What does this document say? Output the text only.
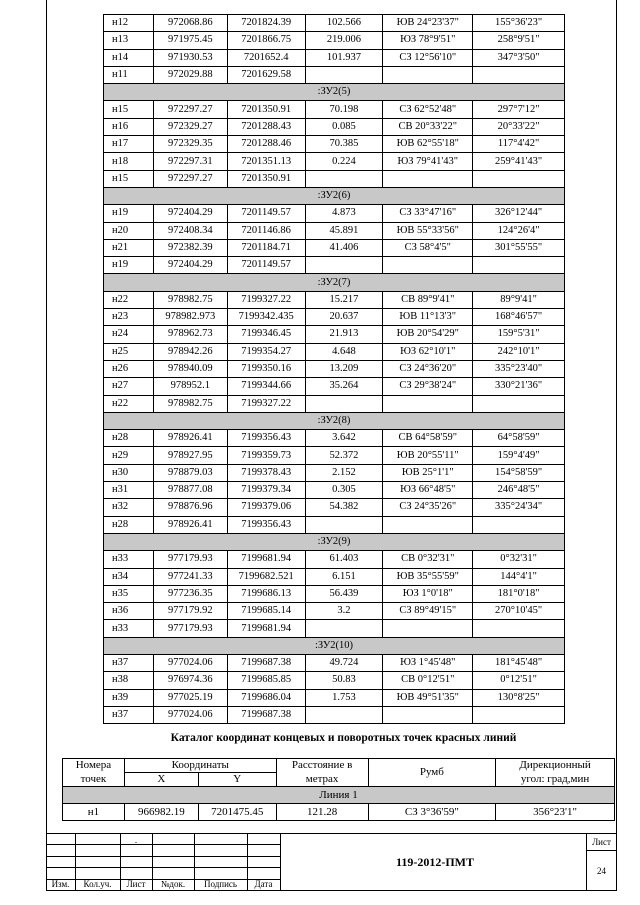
н12	972068.86	7201824.39	102.566	ЮВ 24°23'37"	155°36'23"
н13	971975.45	7201866.75	219.006	ЮЗ 78°9'51"	258°9'51"
н14	971930.53	7201652.4	101.937	СЗ 12°56'10"	347°3'50"
н11	972029.88	7201629.58			
:ЗУ2(5)					
н15	972297.27	7201350.91	70.198	СЗ 62°52'48"	297°7'12"
н16	972329.27	7201288.43	0.085	СВ 20°33'22"	20°33'22"
н17	972329.35	7201288.46	70.385	ЮВ 62°55'18"	117°4'42"
н18	972297.31	7201351.13	0.224	ЮЗ 79°41'43"	259°41'43"
н15	972297.27	7201350.91			
:ЗУ2(6)					
н19	972404.29	7201149.57	4.873	СЗ 33°47'16"	326°12'44"
н20	972408.34	7201146.86	45.891	ЮВ 55°33'56"	124°26'4"
н21	972382.39	7201184.71	41.406	СЗ 58°4'5"	301°55'55"
н19	972404.29	7201149.57			
:ЗУ2(7)					
н22	978982.75	7199327.22	15.217	СВ 89°9'41"	89°9'41"
н23	978982.973	7199342.435	20.637	ЮВ 11°13'3"	168°46'57"
н24	978962.73	7199346.45	21.913	ЮВ 20°54'29"	159°5'31"
н25	978942.26	7199354.27	4.648	ЮЗ 62°10'1"	242°10'1"
н26	978940.09	7199350.16	13.209	СЗ 24°36'20"	335°23'40"
н27	978952.1	7199344.66	35.264	СЗ 29°38'24"	330°21'36"
н22	978982.75	7199327.22			
:ЗУ2(8)					
н28	978926.41	7199356.43	3.642	СВ 64°58'59"	64°58'59"
н29	978927.95	7199359.73	52.372	ЮВ 20°55'11"	159°4'49"
н30	978879.03	7199378.43	2.152	ЮВ 25°1'1"	154°58'59"
н31	978877.08	7199379.34	0.305	ЮЗ 66°48'5"	246°48'5"
н32	978876.96	7199379.06	54.382	СЗ 24°35'26"	335°24'34"
н28	978926.41	7199356.43			
:ЗУ2(9)					
н33	977179.93	7199681.94	61.403	СВ 0°32'31"	0°32'31"
н34	977241.33	7199682.521	6.151	ЮВ 35°55'59"	144°4'1"
н35	977236.35	7199686.13	56.439	ЮЗ 1°0'18"	181°0'18"
н36	977179.92	7199685.14	3.2	СЗ 89°49'15"	270°10'45"
н33	977179.93	7199681.94			
:ЗУ2(10)					
н37	977024.06	7199687.38	49.724	ЮЗ 1°45'48"	181°45'48"
н38	976974.36	7199685.85	50.83	СВ 0°12'51"	0°12'51"
н39	977025.19	7199686.04	1.753	ЮВ 49°51'35"	130°8'25"
н37	977024.06	7199687.38			
Каталог координат концевых и поворотных точек красных линий
Номера	Координаты		Расстояние в	Румб	Дирекционный
точек	X	Y	метрах		угол: град,мин
Линия 1					
н1	966982.19	7201475.45	121.28	СЗ 3°36'59"	356°23'1"
.
Изм.	Кол.уч.	Лист	№док.	Подпись	Дата
Лист
24
119-2012-ПМТ
